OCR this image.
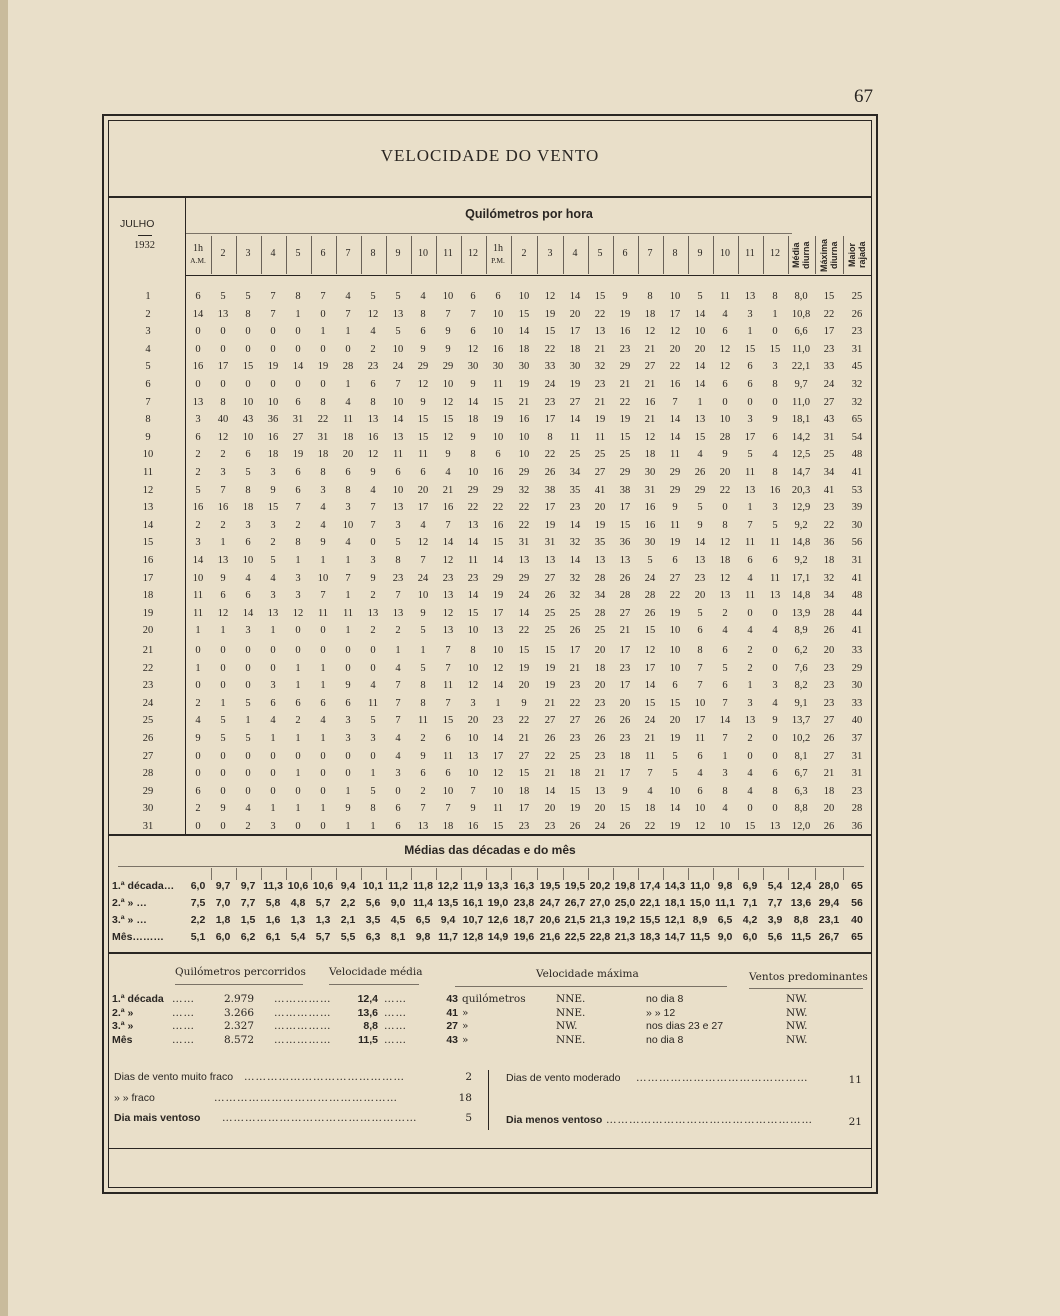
67
VELOCIDADE DO VENTO
JULHO
1932
Quilómetros por hora
1h
A.M.
2	3	4	5	6	7	8	9	10	11	12	1h
P.M.
2	3	4	5	6	7	8	9	10	11	12	Média diurna Máxima diurna Maior rajada
1	6	5	5	7	8	7	4	5	5	4	10	6	6	10	12	14	15	9	8	10	5	11	13	8	8,0	15	25
2	14	13	8	7	1	0	7	12	13	8	7	7	10	15	19	20	22	19	18	17	14	4	3	1	10,8	22	26
3	0	0	0	0	0	1	1	4	5	6	9	6	10	14	15	17	13	16	12	12	10	6	1	0	6,6	17	23
4	0	0	0	0	0	0	0	2	10	9	9	12	16	18	22	18	21	23	21	20	20	12	15	15	11,0	23	31
5	16	17	15	19	14	19	28	23	24	29	29	30	30	30	33	30	32	29	27	22	14	12	6	3	22,1	33	45
6	0	0	0	0	0	0	1	6	7	12	10	9	11	19	24	19	23	21	21	16	14	6	6	8	9,7	24	32
7	13	8	10	10	6	8	4	8	10	9	12	14	15	21	23	27	21	22	16	7	1	0	0	0	11,0	27	32
8	3	40	43	36	31	22	11	13	14	15	15	18	19	16	17	14	19	19	21	14	13	10	3	9	18,1	43	65
9	6	12	10	16	27	31	18	16	13	15	12	9	10	10	8	11	11	15	12	14	15	28	17	6	14,2	31	54
10	2	2	6	18	19	18	20	12	11	11	9	8	6	10	22	25	25	25	18	11	4	9	5	4	12,5	25	48
11	2	3	5	3	6	8	6	9	6	6	4	10	16	29	26	34	27	29	30	29	26	20	11	8	14,7	34	41
12	5	7	8	9	6	3	8	4	10	20	21	29	29	32	38	35	41	38	31	29	29	22	13	16	20,3	41	53
13	16	16	18	15	7	4	3	7	13	17	16	22	22	22	17	23	20	17	16	9	5	0	1	3	12,9	23	39
14	2	2	3	3	2	4	10	7	3	4	7	13	16	22	19	14	19	15	16	11	9	8	7	5	9,2	22	30
15	3	1	6	2	8	9	4	0	5	12	14	14	15	31	31	32	35	36	30	19	14	12	11	11	14,8	36	56
16	14	13	10	5	1	1	1	3	8	7	12	11	14	13	13	14	13	13	5	6	13	18	6	6	9,2	18	31
17	10	9	4	4	3	10	7	9	23	24	23	23	29	29	27	32	28	26	24	27	23	12	4	11	17,1	32	41
18	11	6	6	3	3	7	1	2	7	10	13	14	19	24	26	32	34	28	28	22	20	13	11	13	14,8	34	48
19	11	12	14	13	12	11	11	13	13	9	12	15	17	14	25	25	28	27	26	19	5	2	0	0	13,9	28	44
20	1	1	3	1	0	0	1	2	2	5	13	10	13	22	25	26	25	21	15	10	6	4	4	4	8,9	26	41
21	0	0	0	0	0	0	0	0	1	1	7	8	10	15	15	17	20	17	12	10	8	6	2	0	6,2	20	33
22	1	0	0	0	1	1	0	0	4	5	7	10	12	19	19	21	18	23	17	10	7	5	2	0	7,6	23	29
23	0	0	0	3	1	1	9	4	7	8	11	12	14	20	19	23	20	17	14	6	7	6	1	3	8,2	23	30
24	2	1	5	6	6	6	6	11	7	8	7	3	1	9	21	22	23	20	15	15	10	7	3	4	9,1	23	33
25	4	5	1	4	2	4	3	5	7	11	15	20	23	22	27	27	26	26	24	20	17	14	13	9	13,7	27	40
26	9	5	5	1	1	1	3	3	4	2	6	10	14	21	26	23	26	23	21	19	11	7	2	0	10,2	26	37
27	0	0	0	0	0	0	0	0	4	9	11	13	17	27	22	25	23	18	11	5	6	1	0	0	8,1	27	31
28	0	0	0	0	1	0	0	1	3	6	6	10	12	15	21	18	21	17	7	5	4	3	4	6	6,7	21	31
29	6	0	0	0	0	0	1	5	0	2	10	7	10	18	14	15	13	9	4	10	6	8	4	8	6,3	18	23
30	2	9	4	1	1	1	9	8	6	7	7	9	11	17	20	19	20	15	18	14	10	4	0	0	8,8	20	28
31	0	0	2	3	0	0	1	1	6	13	18	16	15	23	23	26	24	26	22	19	12	10	15	13	12,0	26	36
Médias das décadas e do mês
1.ª década…	6,0 9,7 9,7 11,3 10,6 10,6 9,4 10,1 11,2 11,8 12,2 11,9 13,3 16,3 19,5 19,5 20,2 19,8 17,4 14,3 11,0 9,8 6,9 5,4 12,4 28,0	65
2.ª » …	7,5 7,0 7,7 5,8 4,8 5,7 2,2 5,6 9,0 11,4 13,5 16,1 19,0 23,8 24,7 26,7 27,0 25,0 22,1 18,1 15,0 11,1 7,1 7,7 13,6 29,4	56
3.ª » …	2,2 1,8 1,5 1,6 1,3 1,3 2,1 3,5 4,5 6,5 9,4 10,7 12,6 18,7 20,6 21,5 21,3 19,2 15,5 12,1 8,9 6,5 4,2 3,9	8,8 23,1	40
Mês………	5,1 6,0 6,2 6,1 5,4 5,7 5,5 6,3 8,1 9,8 11,7 12,8 14,9 19,6 21,6 22,5 22,8 21,3 18,3 14,7 11,5 9,0 6,0 5,6 11,5 26,7	65
Quilómetros percorridos Velocidade média	Velocidade máxima	Ventos predominantes
1.ª década ……	2.979	……………	12,4 ……	43 quilómetros	NNE.	no dia 8	NW.
2.ª »	……	3.266	……………	13,6 ……	41 »	NNE.	» » 12	NW.
3.ª »	……	2.327	……………	8,8 ……	27 »	NW.	nos dias 23 e 27	NW.
Mês	……	8.572	……………	11,5 ……	43 »	NNE.	no dia 8	NW.
Dias de vento muito fraco ……………………………………	2
» » fraco	…………………………………………	18
Dia mais ventoso ……………………………………………	5
Dias de vento moderado ………………………………………	11
Dia menos ventoso ………………………………………………	21
